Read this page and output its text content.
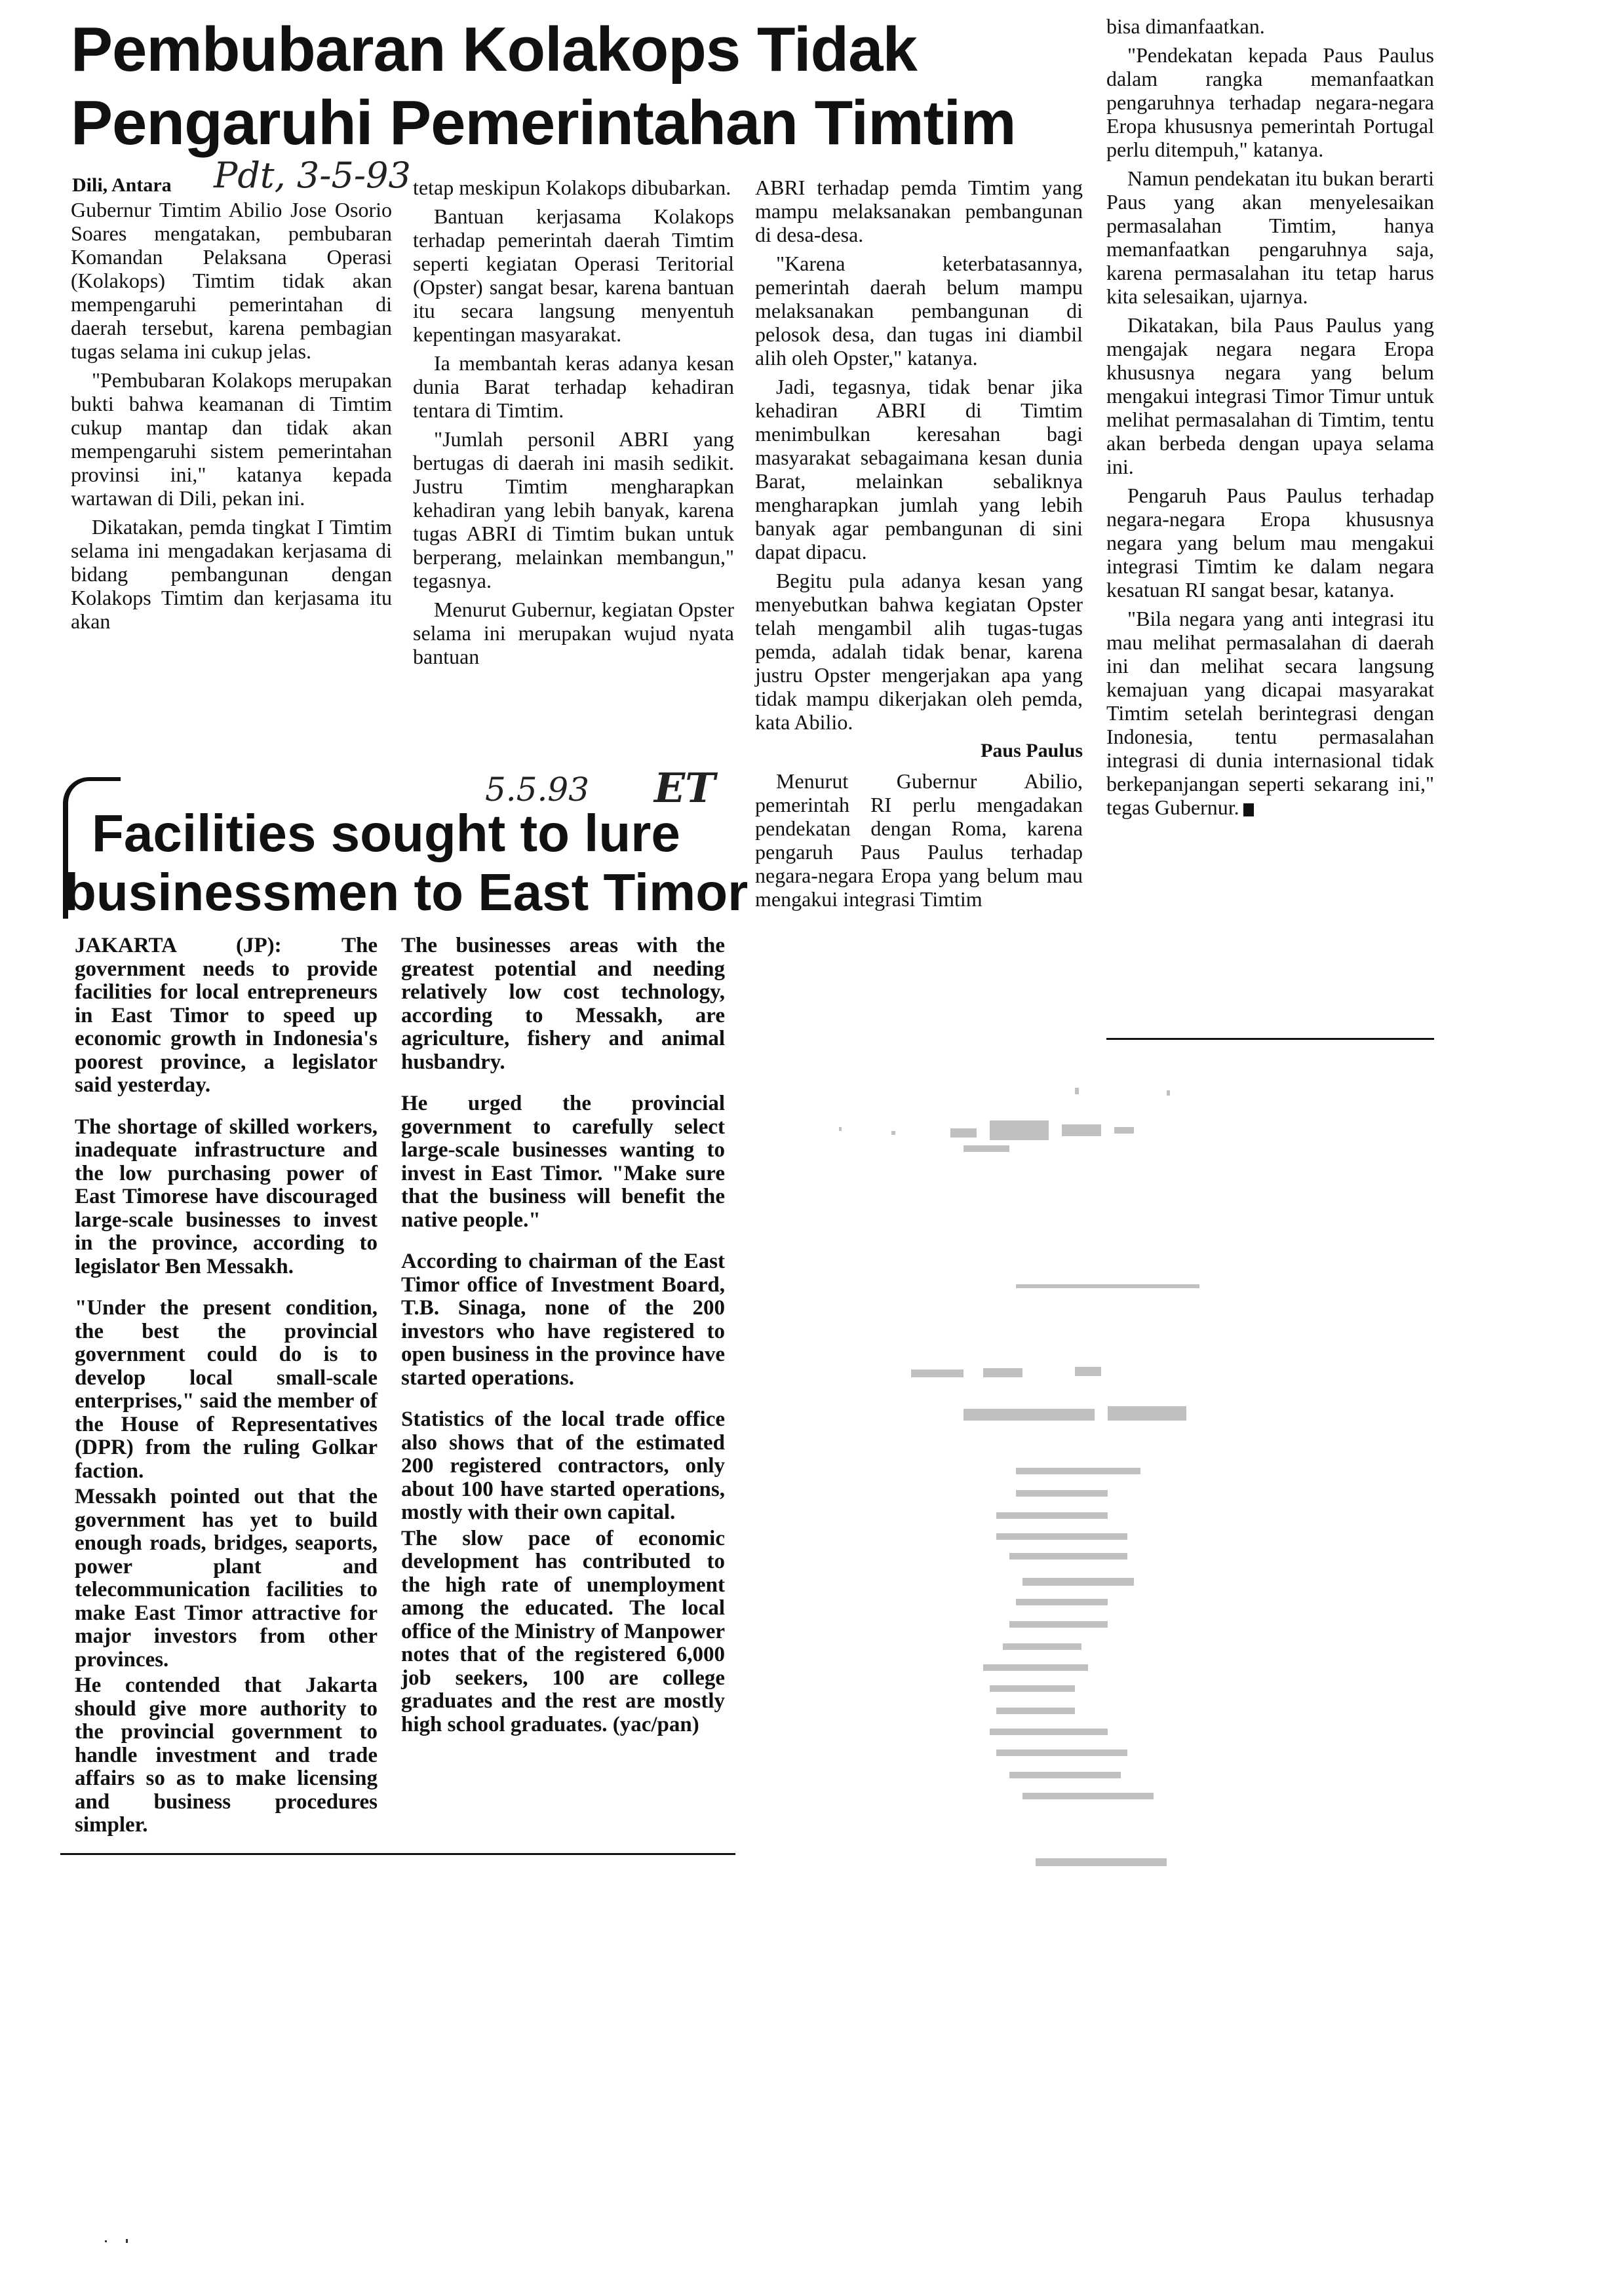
Pembubaran Kolakops Tidak
Pengaruhi Pemerintahan Timtim
Dili, Antara Pdt, 3-5-93

Gubernur Timtim Abilio Jose Osorio Soares mengatakan, pembubaran Komandan Pelaksana Operasi (Kolakops) Timtim tidak akan mempengaruhi pemerintahan di daerah tersebut, karena pembagian tugas selama ini cukup jelas.

"Pembubaran Kolakops merupakan bukti bahwa keamanan di Timtim cukup mantap dan tidak akan mempengaruhi sistem pemerintahan provinsi ini," katanya kepada wartawan di Dili, pekan ini.

Dikatakan, pemda tingkat I Timtim selama ini mengadakan kerjasama di bidang pembangunan dengan Kolakops Timtim dan kerjasama itu akan

tetap meskipun Kolakops dibubarkan.

Bantuan kerjasama Kolakops terhadap pemerintah daerah Timtim seperti kegiatan Operasi Teritorial (Opster) sangat besar, karena bantuan itu secara langsung menyentuh kepentingan masyarakat.

Ia membantah keras adanya kesan dunia Barat terhadap kehadiran tentara di Timtim.

"Jumlah personil ABRI yang bertugas di daerah ini masih sedikit. Justru Timtim mengharapkan kehadiran yang lebih banyak, karena tugas ABRI di Timtim bukan untuk berperang, melainkan membangun," tegasnya.

Menurut Gubernur, kegiatan Opster selama ini merupakan wujud nyata bantuan

ABRI terhadap pemda Timtim yang mampu melaksanakan pembangunan di desa-desa.

"Karena keterbatasannya, pemerintah daerah belum mampu melaksanakan pembangunan di pelosok desa, dan tugas ini diambil alih oleh Opster," katanya.

Jadi, tegasnya, tidak benar jika kehadiran ABRI di Timtim menimbulkan keresahan bagi masyarakat sebagaimana kesan dunia Barat, melainkan sebaliknya mengharapkan jumlah yang lebih banyak agar pembangunan di sini dapat dipacu.

Begitu pula adanya kesan yang menyebutkan bahwa kegiatan Opster telah mengambil alih tugas-tugas pemda, adalah tidak benar, karena justru Opster mengerjakan apa yang tidak mampu dikerjakan oleh pemda, kata Abilio.

Paus Paulus

Menurut Gubernur Abilio, pemerintah RI perlu mengadakan pendekatan dengan Roma, karena pengaruh Paus Paulus terhadap negara-negara Eropa yang belum mau mengakui integrasi Timtim

bisa dimanfaatkan.

"Pendekatan kepada Paus Paulus dalam rangka memanfaatkan pengaruhnya terhadap negara-negara Eropa khususnya pemerintah Portugal perlu ditempuh," katanya.

Namun pendekatan itu bukan berarti Paus yang akan menyelesaikan permasalahan Timtim, hanya memanfaatkan pengaruhnya saja, karena permasalahan itu tetap harus kita selesaikan, ujarnya.

Dikatakan, bila Paus Paulus yang mengajak negara negara Eropa khususnya negara yang belum mengakui integrasi Timor Timur untuk melihat permasalahan di Timtim, tentu akan berbeda dengan upaya selama ini.

Pengaruh Paus Paulus terhadap negara-negara Eropa khususnya negara yang belum mau mengakui integrasi Timtim ke dalam negara kesatuan RI sangat besar, katanya.

"Bila negara yang anti integrasi itu mau melihat permasalahan di daerah ini dan melihat secara langsung kemajuan yang dicapai masyarakat Timtim setelah berintegrasi dengan Indonesia, tentu permasalahan integrasi di dunia internasional tidak berkepanjangan seperti sekarang ini," tegas Gubernur.

5.5.93 ET
Facilities sought to lure
businessmen to East Timor

JAKARTA (JP): The government needs to provide facilities for local entrepreneurs in East Timor to speed up economic growth in Indonesia's poorest province, a legislator said yesterday.

The shortage of skilled workers, inadequate infrastructure and the low purchasing power of East Timorese have discouraged large-scale businesses to invest in the province, according to legislator Ben Messakh.

"Under the present condition, the best the provincial government could do is to develop local small-scale enterprises," said the member of the House of Representatives (DPR) from the ruling Golkar faction.

Messakh pointed out that the government has yet to build enough roads, bridges, seaports, power plant and telecommunication facilities to make East Timor attractive for major investors from other provinces.

He contended that Jakarta should give more authority to the provincial government to handle investment and trade affairs so as to make licensing and business procedures simpler.

The businesses areas with the greatest potential and needing relatively low cost technology, according to Messakh, are agriculture, fishery and animal husbandry.

He urged the provincial government to carefully select large-scale businesses wanting to invest in East Timor. "Make sure that the business will benefit the native people."

According to chairman of the East Timor office of Investment Board, T.B. Sinaga, none of the 200 investors who have registered to open business in the province have started operations.

Statistics of the local trade office also shows that of the estimated 200 registered contractors, only about 100 have started operations, mostly with their own capital.

The slow pace of economic development has contributed to the high rate of unemployment among the educated. The local office of the Ministry of Manpower notes that of the registered 6,000 job seekers, 100 are college graduates and the rest are mostly high school graduates. (yac/pan)
